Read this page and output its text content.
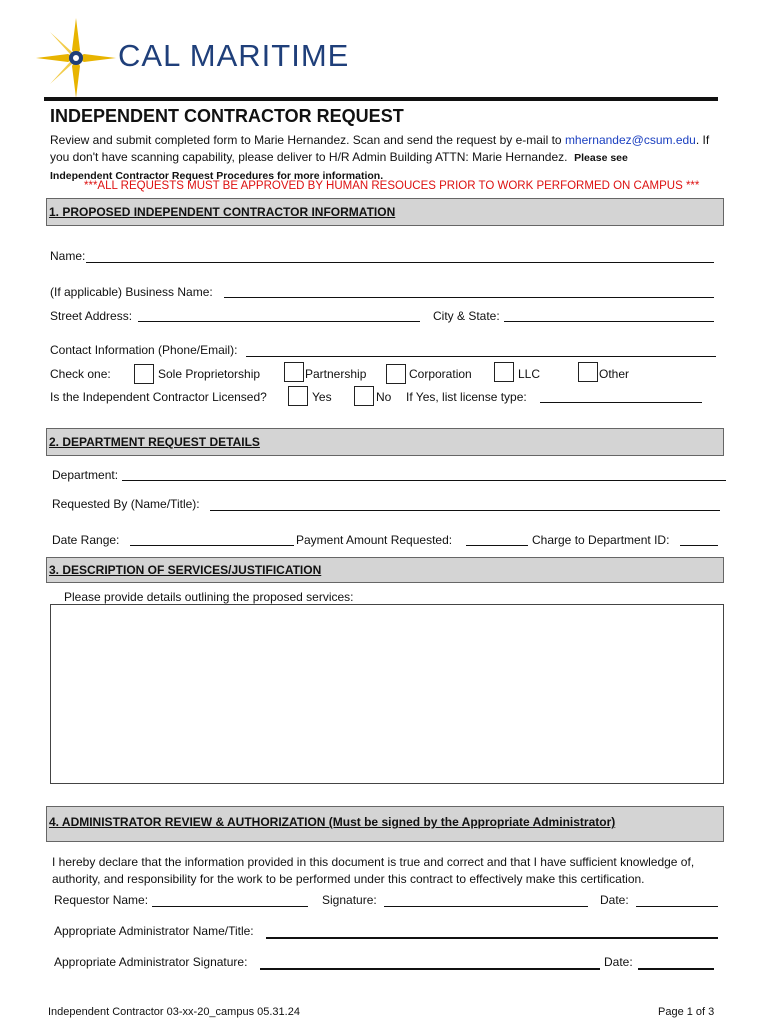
CAL MARITIME
INDEPENDENT CONTRACTOR REQUEST
Review and submit completed form to Marie Hernandez. Scan and send the request by e-mail to mhernandez@csum.edu. If
you don't have scanning capability, please deliver to H/R Admin Building ATTN: Marie Hernandez. Please see
Independent Contractor Request Procedures for more information.
***ALL REQUESTS MUST BE APPROVED BY HUMAN RESOUCES PRIOR TO WORK PERFORMED ON CAMPUS ***
1. PROPOSED INDEPENDENT CONTRACTOR INFORMATION
Name:
(If applicable) Business Name:
Street Address:	City & State:
Contact Information (Phone/Email):
Check one:	Sole Proprietorship	Partnership	Corporation	LLC	Other
Is the Independent Contractor Licensed?	Yes	No If Yes, list license type:
2. DEPARTMENT REQUEST DETAILS
Department:
Requested By (Name/Title):
Date Range:	Payment Amount Requested:	Charge to Department ID:
3. DESCRIPTION OF SERVICES/JUSTIFICATION
Please provide details outlining the proposed services:
4. ADMINISTRATOR REVIEW & AUTHORIZATION (Must be signed by the Appropriate Administrator)
I hereby declare that the information provided in this document is true and correct and that I have sufficient knowledge of, authority, and responsibility for the work to be performed under this contract to effectively make this certification.
Requestor Name:	Signature:	Date:
Appropriate Administrator Name/Title:
Appropriate Administrator Signature:	Date:
Independent Contractor 03-xx-20_campus 05.31.24	Page 1 of 3
